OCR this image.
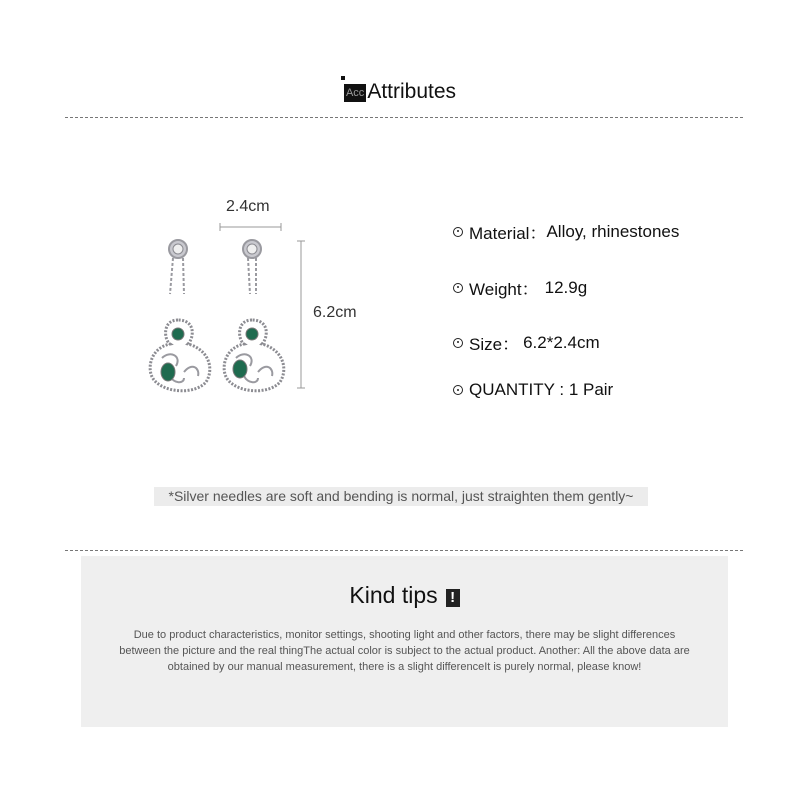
Acc Attributes
2.4cm
6.2cm
Material： Alloy, rhinestones
Weight： 12.9g
Size： 6.2*2.4cm
QUANTITY : 1 Pair
*Silver needles are soft and bending is normal, just straighten them gently~
Kind tips !
Due to product characteristics, monitor settings, shooting light and other factors, there may be slight differences between the picture and the real thingThe actual color is subject to the actual product. Another: All the above data are obtained by our manual measurement, there is a slight differenceIt is purely normal, please know!
